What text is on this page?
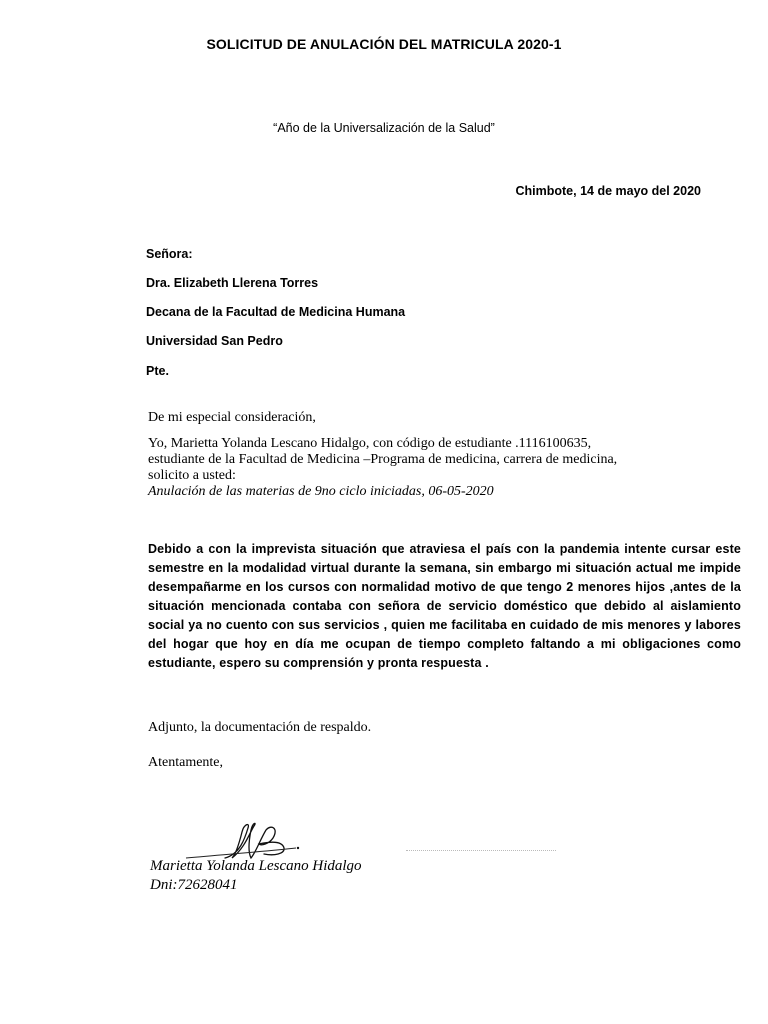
SOLICITUD DE ANULACIÓN DEL MATRICULA 2020-1
“Año de la Universalización de la Salud”
Chimbote, 14 de mayo del 2020
Señora:
Dra. Elizabeth Llerena Torres
Decana de la Facultad de Medicina Humana
Universidad San Pedro
Pte.
De mi especial consideración,
Yo, Marietta Yolanda Lescano Hidalgo, con código de estudiante .1116100635,
estudiante de la Facultad de Medicina –Programa de medicina, carrera de medicina,
solicito a usted:
Anulación de las materias de 9no ciclo iniciadas, 06-05-2020
Debido a con la imprevista situación que atraviesa el país con la pandemia intente cursar este semestre en la modalidad virtual durante la semana, sin embargo mi situación actual me impide desempañarme en los cursos con normalidad motivo de que tengo 2 menores hijos ,antes de la situación mencionada contaba con señora de servicio doméstico que debido al aislamiento social ya no cuento con sus servicios , quien me facilitaba en cuidado de mis menores y labores del hogar que hoy en día me ocupan de tiempo completo faltando a mi obligaciones como estudiante, espero su comprensión y pronta respuesta .
Adjunto, la documentación de respaldo.
Atentamente,
Marietta Yolanda Lescano Hidalgo
Dni:72628041
